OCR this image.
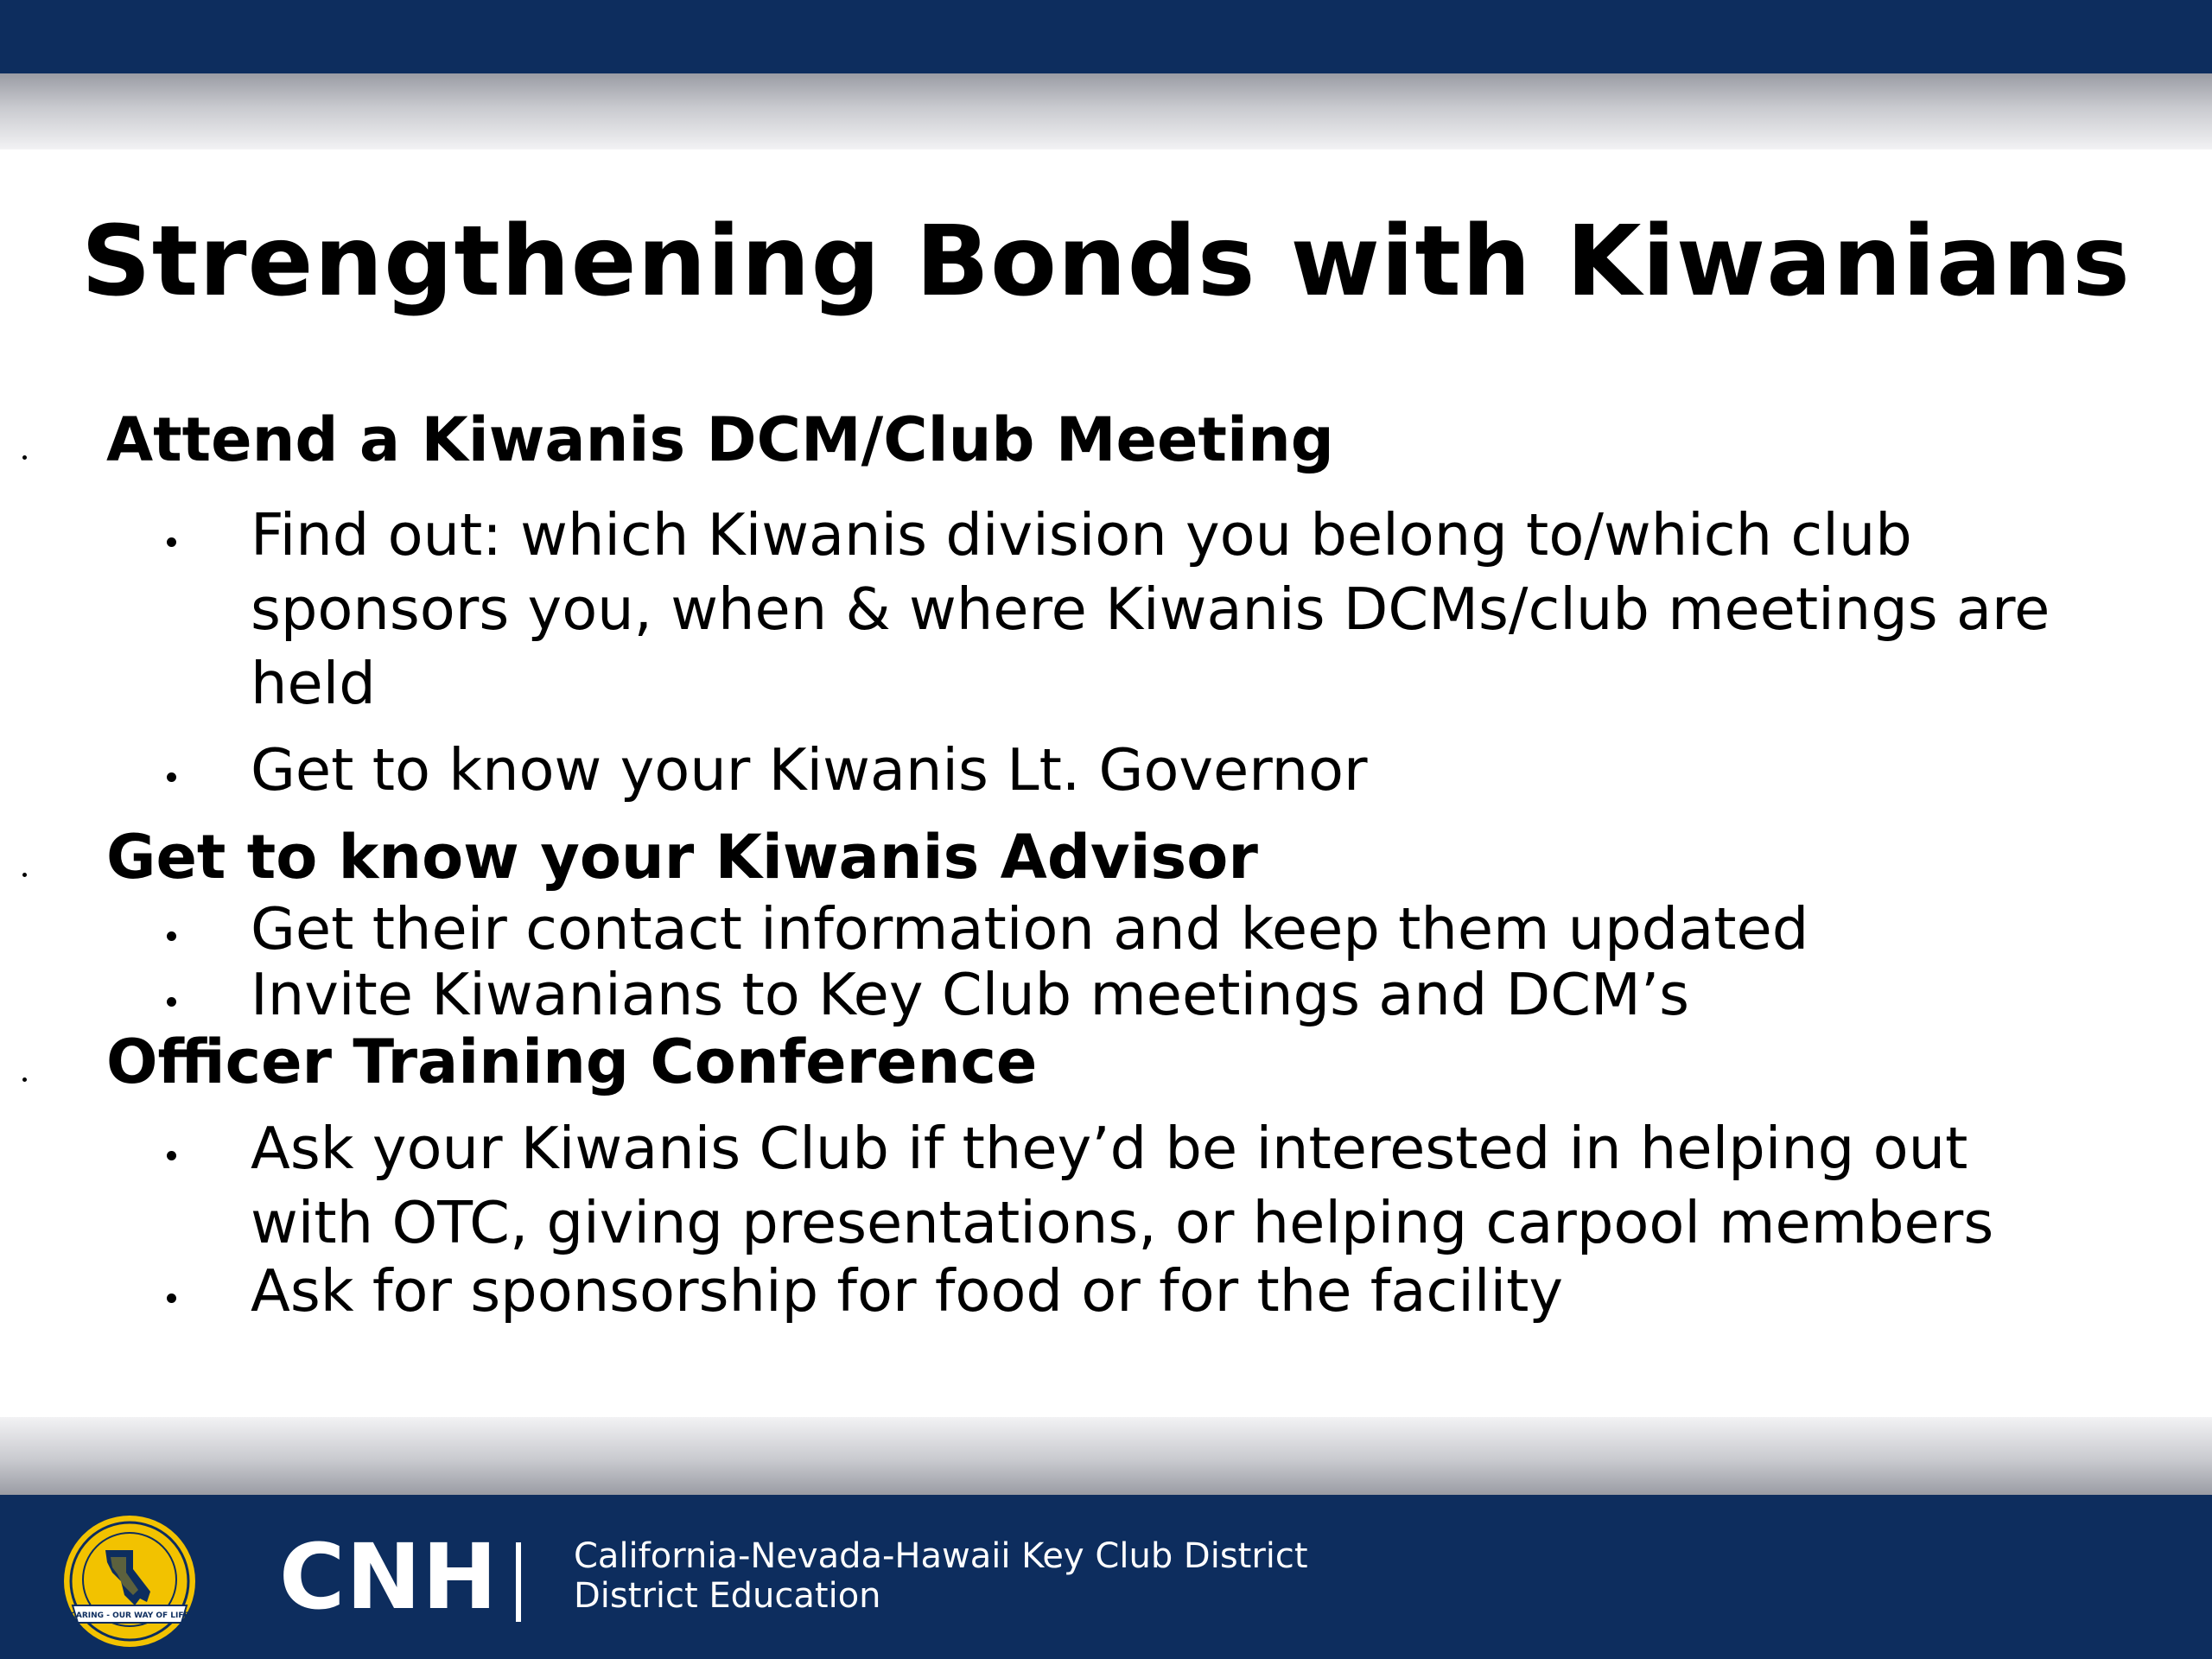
Strengthening Bonds with Kiwanians
Attend a Kiwanis DCM/Club Meeting
Find out: which Kiwanis division you belong to/which club sponsors you, when & where Kiwanis DCMs/club meetings are held
Get to know your Kiwanis Lt. Governor
Get to know your Kiwanis Advisor
Get their contact information and keep them updated
Invite Kiwanians to Key Club meetings and DCM’s
Officer Training Conference
Ask your Kiwanis Club if they’d be interested in helping out with OTC, giving presentations, or helping carpool members
Ask for sponsorship for food or for the facility
CARING - OUR WAY OF LIFE CNH California-Nevada-Hawaii Key Club District
District Education
